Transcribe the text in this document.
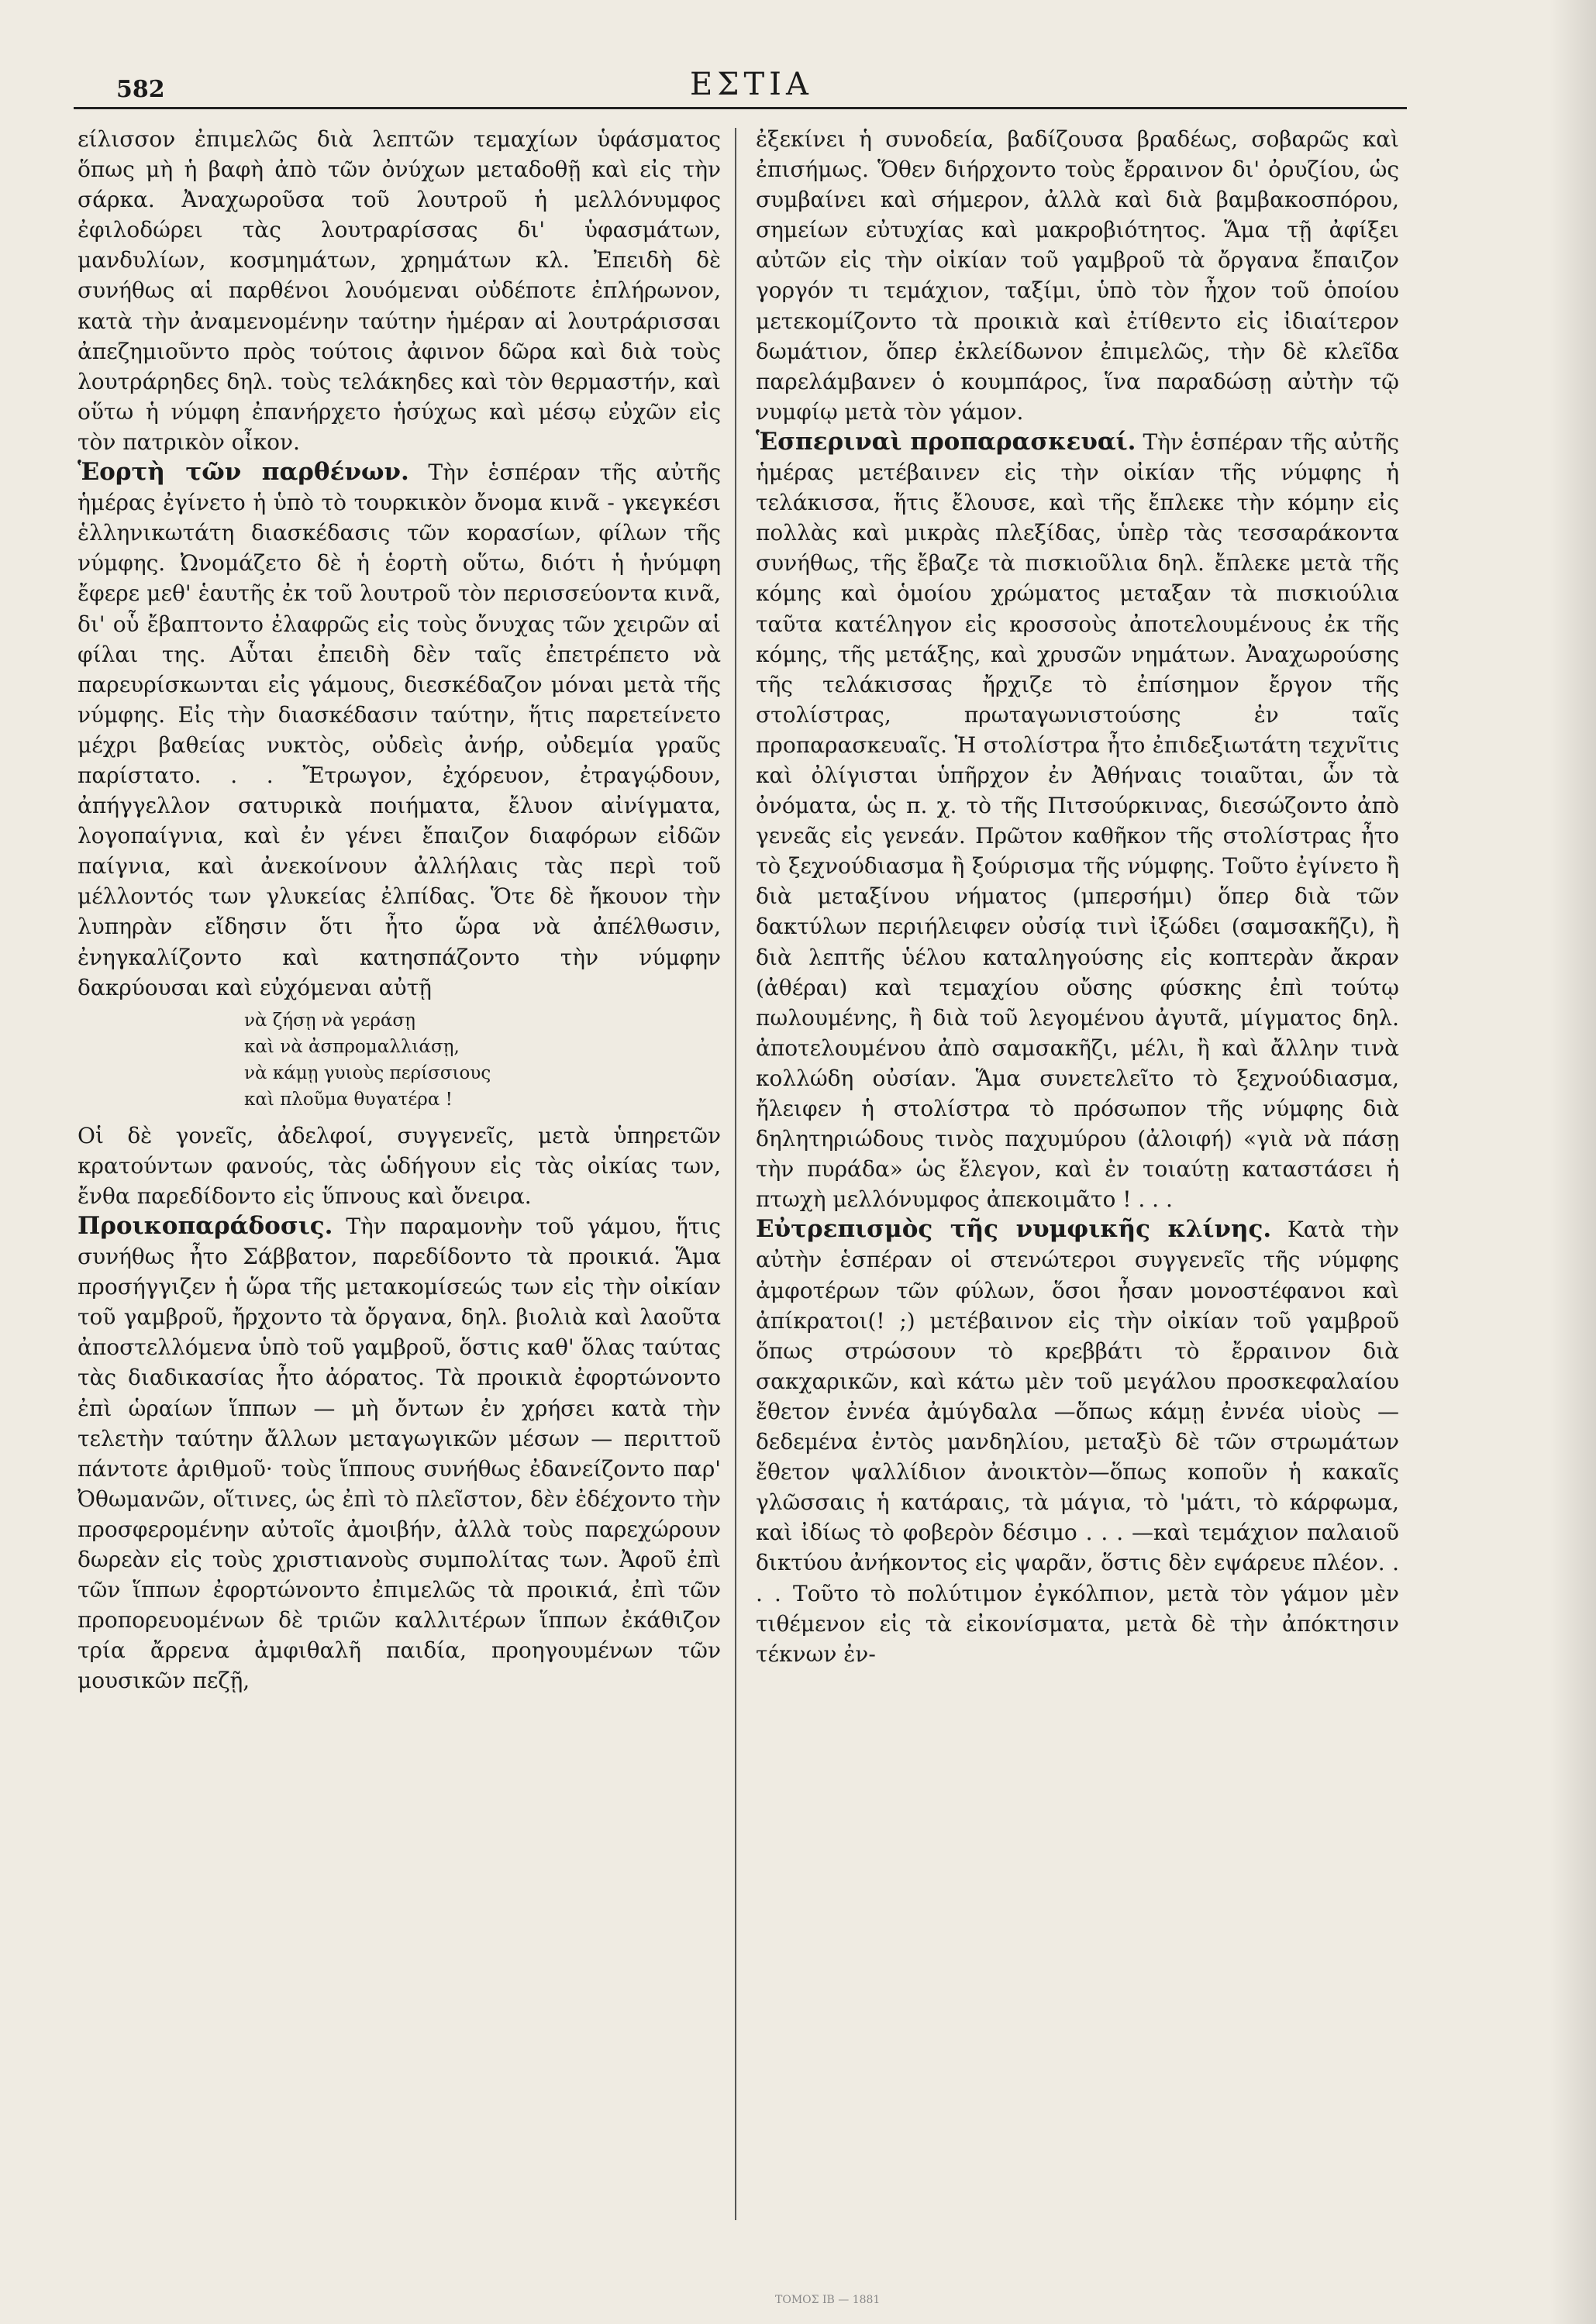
582	ΕΣΤΙΑ

είλισσον ἐπιμελῶς διὰ λεπτῶν τεμαχίων ὑφάσματος ὅπως μὴ ἡ βαφὴ ἀπὸ τῶν ὀνύχων μεταδοθῇ καὶ εἰς τὴν σάρκα. Ἀναχωροῦσα τοῦ λουτροῦ ἡ μελλόνυμφος ἐφιλοδώρει τὰς λουτραρίσσας δι' ὑφασμάτων, μανδυλίων, κοσμημάτων, χρημάτων κλ. Ἐπειδὴ δὲ συνήθως αἱ παρθένοι λουόμεναι οὐδέποτε ἐπλήρωνον, κατὰ τὴν ἀναμενομένην ταύτην ἡμέραν αἱ λουτράρισσαι ἀπεζημιοῦντο πρὸς τούτοις ἀφινον δῶρα καὶ διὰ τοὺς λουτράρηδες δηλ. τοὺς τελάκηδες καὶ τὸν θερμαστήν, καὶ οὕτω ἡ νύμφη ἐπανήρχετο ἡσύχως καὶ μέσῳ εὐχῶν εἰς τὸν πατρικὸν οἶκον.

Ἑορτὴ τῶν παρθένων. Τὴν ἑσπέραν τῆς αὐτῆς ἡμέρας ἐγίνετο ἡ ὑπὸ τὸ τουρκικὸν ὄνομα κινᾶ - γκεγκέσι ἑλληνικωτάτη διασκέδασις τῶν κορασίων, φίλων τῆς νύμφης. Ὠνομάζετο δὲ ἡ ἑορτὴ οὕτω, διότι ἡ ἡνύμφη ἔφερε μεθ' ἑαυτῆς ἐκ τοῦ λουτροῦ τὸν περισσεύοντα κινᾶ, δι' οὗ ἔβαπτοντο ἐλαφρῶς εἰς τοὺς ὄνυχας τῶν χειρῶν αἱ φίλαι της. Αὗται ἐπειδὴ δὲν ταῖς ἐπετρέπετο νὰ παρευρίσκωνται εἰς γάμους, διεσκέδαζον μόναι μετὰ τῆς νύμφης. Εἰς τὴν διασκέδασιν ταύτην, ἥτις παρετείνετο μέχρι βαθείας νυκτὸς, οὐδεὶς ἀνήρ, οὐδεμία γραῦς παρίστατο. . . Ἔτρωγον, ἐχόρευον, ἐτραγῴδουν, ἀπήγγελλον σατυρικὰ ποιήματα, ἔλυον αἰνίγματα, λογοπαίγνια, καὶ ἐν γένει ἔπαιζον διαφόρων εἰδῶν παίγνια, καὶ ἀνεκοίνουν ἀλλήλαις τὰς περὶ τοῦ μέλλοντός των γλυκείας ἐλπίδας. Ὅτε δὲ ἤκουον τὴν λυπηρὰν εἴδησιν ὅτι ἦτο ὥρα νὰ ἀπέλθωσιν, ἐνηγκαλίζοντο καὶ κατησπάζοντο τὴν νύμφην δακρύουσαι καὶ εὐχόμεναι αὐτῇ

νὰ ζήσῃ νὰ γεράσῃ
καὶ νὰ ἀσπρομαλλιάσῃ,
νὰ κάμῃ γυιοὺς περίσσιους
καὶ πλοῦμα θυγατέρα !

Οἱ δὲ γονεῖς, ἀδελφοί, συγγενεῖς, μετὰ ὑπηρετῶν κρατούντων φανούς, τὰς ὡδήγουν εἰς τὰς οἰκίας των, ἔνθα παρεδίδοντο εἰς ὕπνους καὶ ὄνειρα.

Προικοπαράδοσις. Τὴν παραμονὴν τοῦ γάμου, ἥτις συνήθως ἦτο Σάββατον, παρεδίδοντο τὰ προικιά. Ἅμα προσήγγιζεν ἡ ὥρα τῆς μετακομίσεώς των εἰς τὴν οἰκίαν τοῦ γαμβροῦ, ἤρχοντο τὰ ὄργανα, δηλ. βιολιὰ καὶ λαοῦτα ἀποστελλόμενα ὑπὸ τοῦ γαμβροῦ, ὅστις καθ' ὅλας ταύτας τὰς διαδικασίας ἦτο ἀόρατος. Τὰ προικιὰ ἐφορτώνοντο ἐπὶ ὡραίων ἵππων — μὴ ὄντων ἐν χρήσει κατὰ τὴν τελετὴν ταύτην ἄλλων μεταγωγικῶν μέσων — περιττοῦ πάντοτε ἀριθμοῦ· τοὺς ἵππους συνήθως ἐδανείζοντο παρ' Ὀθωμανῶν, οἵτινες, ὡς ἐπὶ τὸ πλεῖστον, δὲν ἐδέχοντο τὴν προσφερομένην αὐτοῖς ἀμοιβήν, ἀλλὰ τοὺς παρεχώρουν δωρεὰν εἰς τοὺς χριστιανοὺς συμπολίτας των. Ἀφοῦ ἐπὶ τῶν ἵππων ἐφορτώνοντο ἐπιμελῶς τὰ προικιά, ἐπὶ τῶν προπορευομένων δὲ τριῶν καλλιτέρων ἵππων ἐκάθιζον τρία ἄρρενα ἀμφιθαλῆ παιδία, προηγουμένων τῶν μουσικῶν πεζῇ,

ἐξεκίνει ἡ συνοδεία, βαδίζουσα βραδέως, σοβαρῶς καὶ ἐπισήμως. Ὅθεν διήρχοντο τοὺς ἔρραινον δι' ὀρυζίου, ὡς συμβαίνει καὶ σήμερον, ἀλλὰ καὶ διὰ βαμβακοσπόρου, σημείων εὐτυχίας καὶ μακροβιότητος. Ἅμα τῇ ἀφίξει αὐτῶν εἰς τὴν οἰκίαν τοῦ γαμβροῦ τὰ ὄργανα ἔπαιζον γοργόν τι τεμάχιον, ταξίμι, ὑπὸ τὸν ἦχον τοῦ ὁποίου μετεκομίζοντο τὰ προικιὰ καὶ ἐτίθεντο εἰς ἰδιαίτερον δωμάτιον, ὅπερ ἐκλείδωνον ἐπιμελῶς, τὴν δὲ κλεῖδα παρελάμβανεν ὁ κουμπάρος, ἵνα παραδώσῃ αὐτὴν τῷ νυμφίῳ μετὰ τὸν γάμον.

Ἑσπεριναὶ προπαρασκευαί. Τὴν ἑσπέραν τῆς αὐτῆς ἡμέρας μετέβαινεν εἰς τὴν οἰκίαν τῆς νύμφης ἡ τελάκισσα, ἥτις ἔλουσε, καὶ τῆς ἔπλεκε τὴν κόμην εἰς πολλὰς καὶ μικρὰς πλεξίδας, ὑπὲρ τὰς τεσσαράκοντα συνήθως, τῆς ἔβαζε τὰ πισκιοῦλια δηλ. ἔπλεκε μετὰ τῆς κόμης καὶ ὁμοίου χρώματος μεταξαν τὰ πισκιούλια ταῦτα κατέληγον εἰς κροσσοὺς ἀποτελουμένους ἐκ τῆς κόμης, τῆς μετάξης, καὶ χρυσῶν νημάτων. Ἀναχωρούσης τῆς τελάκισσας ἤρχιζε τὸ ἐπίσημον ἔργον τῆς στολίστρας, πρωταγωνιστούσης ἐν ταῖς προπαρασκευαῖς. Ἡ στολίστρα ἦτο ἐπιδεξιωτάτη τεχνῖτις καὶ ὀλίγισται ὑπῆρχον ἐν Ἀθήναις τοιαῦται, ὧν τὰ ὀνόματα, ὡς π. χ. τὸ τῆς Πιτσούρκινας, διεσώζοντο ἀπὸ γενεᾶς εἰς γενεάν. Πρῶτον καθῆκον τῆς στολίστρας ἦτο τὸ ξεχνούδιασμα ἢ ξούρισμα τῆς νύμφης. Τοῦτο ἐγίνετο ἢ διὰ μεταξίνου νήματος (μπερσήμι) ὅπερ διὰ τῶν δακτύλων περιήλειφεν οὐσίᾳ τινὶ ἰξώδει (σαμσακῆζι), ἢ διὰ λεπτῆς ὑέλου καταληγούσης εἰς κοπτερὰν ἄκραν (ἀθέραι) καὶ τεμαχίου οὔσης φύσκης ἐπὶ τούτῳ πωλουμένης, ἢ διὰ τοῦ λεγομένου ἀγυτᾶ, μίγματος δηλ. ἀποτελουμένου ἀπὸ σαμσακῆζι, μέλι, ἢ καὶ ἄλλην τινὰ κολλώδη οὐσίαν. Ἅμα συνετελεῖτο τὸ ξεχνούδιασμα, ἤλειφεν ἡ στολίστρα τὸ πρόσωπον τῆς νύμφης διὰ δηλητηριώδους τινὸς παχυμύρου (ἀλοιφή) «γιὰ νὰ πάσῃ τὴν πυράδα» ὡς ἔλεγον, καὶ ἐν τοιαύτῃ καταστάσει ἡ πτωχὴ μελλόνυμφος ἀπεκοιμᾶτο ! . . .

Εὐτρεπισμὸς τῆς νυμφικῆς κλίνης. Κατὰ τὴν αὐτὴν ἑσπέραν οἱ στενώτεροι συγγενεῖς τῆς νύμφης ἀμφοτέρων τῶν φύλων, ὅσοι ἦσαν μονοστέφανοι καὶ ἀπίκρατοι(! ;) μετέβαινον εἰς τὴν οἰκίαν τοῦ γαμβροῦ ὅπως στρώσουν τὸ κρεββάτι τὸ ἔρραινον διὰ σακχαρικῶν, καὶ κάτω μὲν τοῦ μεγάλου προσκεφαλαίου ἔθετον ἐννέα ἀμύγδαλα —ὅπως κάμῃ ἐννέα υἱοὺς — δεδεμένα ἐντὸς μανδηλίου, μεταξὺ δὲ τῶν στρωμάτων ἔθετον ψαλλίδιον ἀνοικτὸν—ὅπως κοποῦν ἡ κακαῖς γλῶσσαις ἡ κατάραις, τὰ μάγια, τὸ 'μάτι, τὸ κάρφωμα, καὶ ἰδίως τὸ φοβερὸν δέσιμο . . . —καὶ τεμάχιον παλαιοῦ δικτύου ἀνήκοντος εἰς ψαρᾶν, ὅστις δὲν εψάρευε πλέον. . . . Τοῦτο τὸ πολύτιμον ἐγκόλπιον, μετὰ τὸν γάμον μὲν τιθέμενον εἰς τὰ εἰκονίσματα, μετὰ δὲ τὴν ἀπόκτησιν τέκνων ἐν-

ΤΟΜΟΣ ΙΒ — 1881
